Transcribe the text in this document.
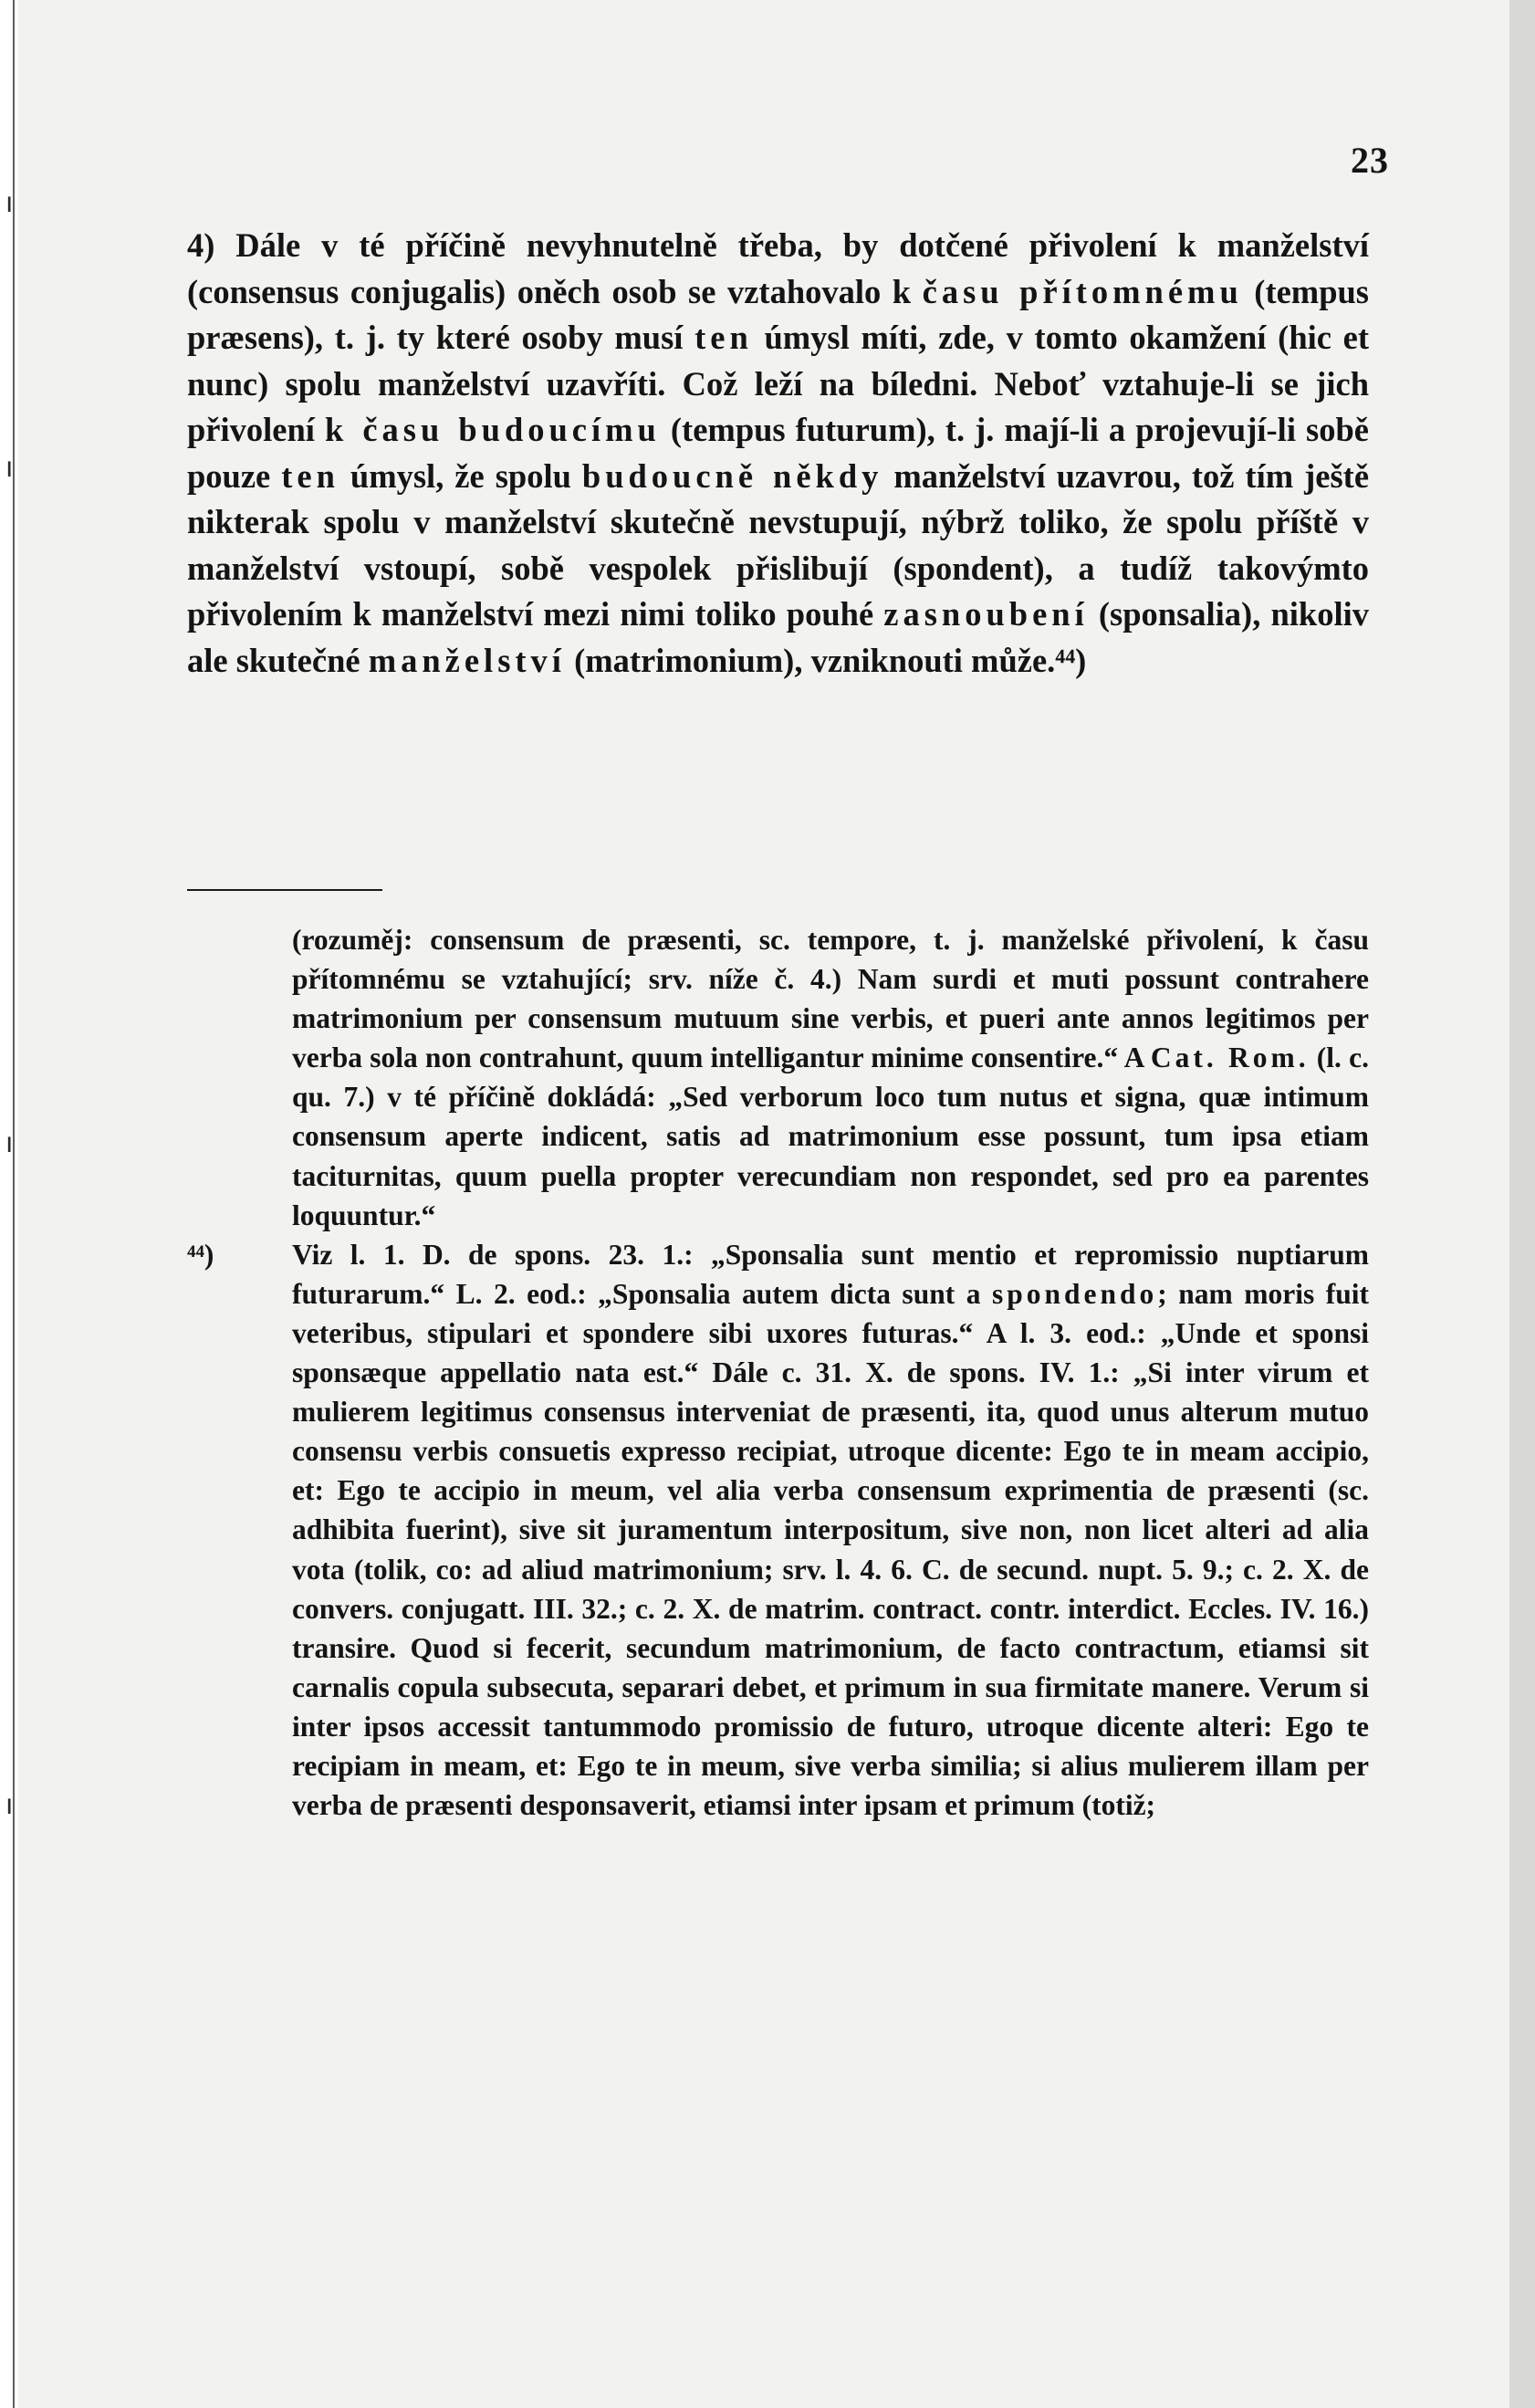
ı
ı
ı
ı
23

4) Dále v té příčině nevyhnutelně třeba, by dotčené přivolení k manželství (consensus conjugalis) oněch osob se vztahovalo k času přítomnému (tempus præsens), t. j. ty které osoby musí ten úmysl míti, zde, v tomto okamžení (hic et nunc) spolu manželství uzavříti. Což leží na bíledni. Neboť vztahuje-li se jich přivolení k času budoucímu (tempus futurum), t. j. mají-li a projevují-li sobě pouze ten úmysl, že spolu budoucně někdy manželství uzavrou, tož tím ještě nikterak spolu v manželství skutečně nevstupují, nýbrž toliko, že spolu příště v manželství vstoupí, sobě vespolek přislibují (spondent), a tudíž takovýmto přivolením k manželství mezi nimi toliko pouhé zasnoubení (sponsalia), nikoliv ale skutečné manželství (matrimonium), vzniknouti může.⁴⁴)

(rozuměj: consensum de præsenti, sc. tempore, t. j. manželské přivolení, k času přítomnému se vztahující; srv. níže č. 4.) Nam surdi et muti possunt contrahere matrimonium per consensum mutuum sine verbis, et pueri ante annos legitimos per verba sola non contrahunt, quum intelligantur minime consentire.“ A Cat. Rom. (l. c. qu. 7.) v té příčině dokládá: „Sed verborum loco tum nutus et signa, quæ intimum consensum aperte indicent, satis ad matrimonium esse possunt, tum ipsa etiam taciturnitas, quum puella propter verecundiam non respondet, sed pro ea parentes loquuntur.“
⁴⁴)	Viz l. 1. D. de spons. 23. 1.: „Sponsalia sunt mentio et repromissio nuptiarum futurarum.“ L. 2. eod.: „Sponsalia autem dicta sunt a spondendo; nam moris fuit veteribus, stipulari et spondere sibi uxores futuras.“ A l. 3. eod.: „Unde et sponsi sponsæque appellatio nata est.“ Dále c. 31. X. de spons. IV. 1.: „Si inter virum et mulierem legitimus consensus interveniat de præsenti, ita, quod unus alterum mutuo consensu verbis consuetis expresso recipiat, utroque dicente: Ego te in meam accipio, et: Ego te accipio in meum, vel alia verba consensum exprimentia de præsenti (sc. adhibita fuerint), sive sit juramentum interpositum, sive non, non licet alteri ad alia vota (tolik, co: ad aliud matrimonium; srv. l. 4. 6. C. de secund. nupt. 5. 9.; c. 2. X. de convers. conjugatt. III. 32.; c. 2. X. de matrim. contract. contr. interdict. Eccles. IV. 16.) transire. Quod si fecerit, secundum matrimonium, de facto contractum, etiamsi sit carnalis copula subsecuta, separari debet, et primum in sua firmitate manere. Verum si inter ipsos accessit tantummodo promissio de futuro, utroque dicente alteri: Ego te recipiam in meam, et: Ego te in meum, sive verba similia; si alius mulierem illam per verba de præsenti desponsaverit, etiamsi inter ipsam et primum (totiž;
